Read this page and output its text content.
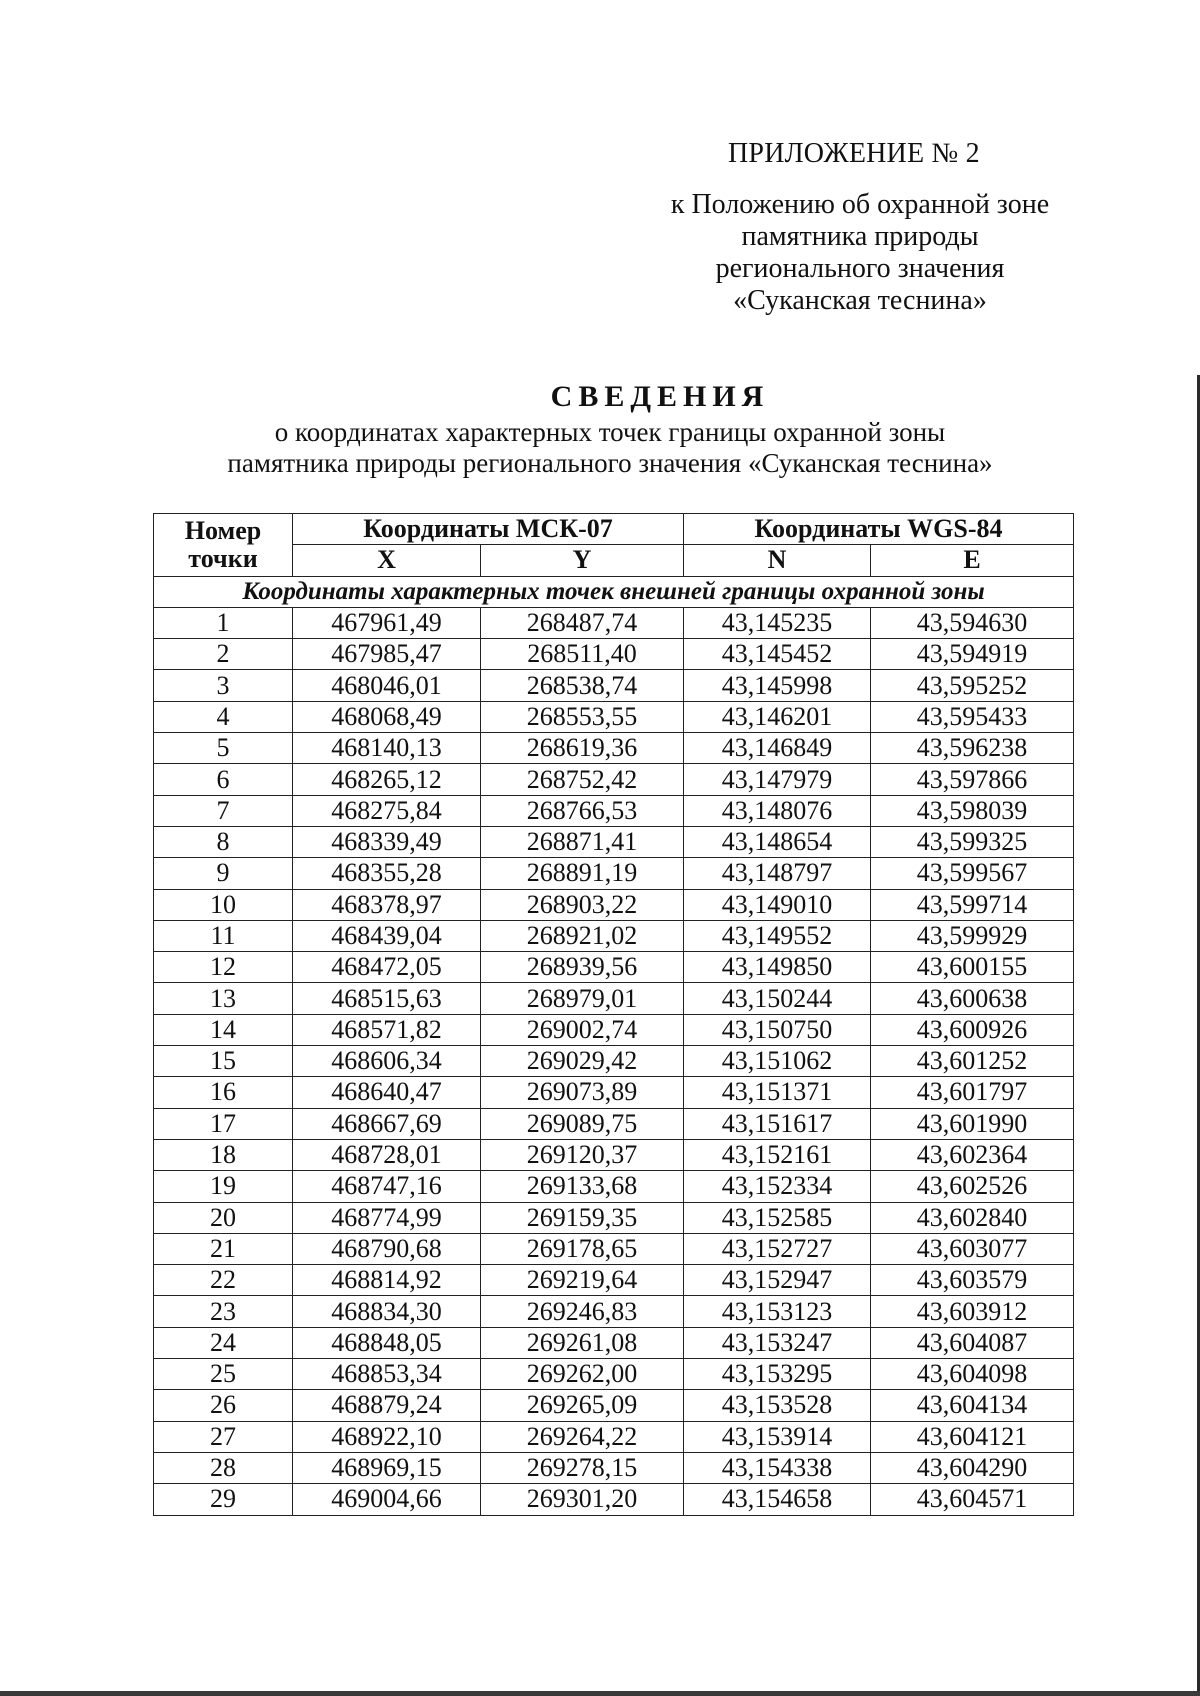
ПРИЛОЖЕНИЕ № 2
к Положению об охранной зоне
памятника природы
регионального значения
«Суканская теснина»
СВЕДЕНИЯ
о координатах характерных точек границы охранной зоны
памятника природы регионального значения «Суканская теснина»
Номер
точки	Координаты МСК-07		Координаты WGS-84	
	X	Y	N	E
Координаты характерных точек внешней границы охранной зоны				
1	467961,49	268487,74	43,145235	43,594630
2	467985,47	268511,40	43,145452	43,594919
3	468046,01	268538,74	43,145998	43,595252
4	468068,49	268553,55	43,146201	43,595433
5	468140,13	268619,36	43,146849	43,596238
6	468265,12	268752,42	43,147979	43,597866
7	468275,84	268766,53	43,148076	43,598039
8	468339,49	268871,41	43,148654	43,599325
9	468355,28	268891,19	43,148797	43,599567
10	468378,97	268903,22	43,149010	43,599714
11	468439,04	268921,02	43,149552	43,599929
12	468472,05	268939,56	43,149850	43,600155
13	468515,63	268979,01	43,150244	43,600638
14	468571,82	269002,74	43,150750	43,600926
15	468606,34	269029,42	43,151062	43,601252
16	468640,47	269073,89	43,151371	43,601797
17	468667,69	269089,75	43,151617	43,601990
18	468728,01	269120,37	43,152161	43,602364
19	468747,16	269133,68	43,152334	43,602526
20	468774,99	269159,35	43,152585	43,602840
21	468790,68	269178,65	43,152727	43,603077
22	468814,92	269219,64	43,152947	43,603579
23	468834,30	269246,83	43,153123	43,603912
24	468848,05	269261,08	43,153247	43,604087
25	468853,34	269262,00	43,153295	43,604098
26	468879,24	269265,09	43,153528	43,604134
27	468922,10	269264,22	43,153914	43,604121
28	468969,15	269278,15	43,154338	43,604290
29	469004,66	269301,20	43,154658	43,604571
